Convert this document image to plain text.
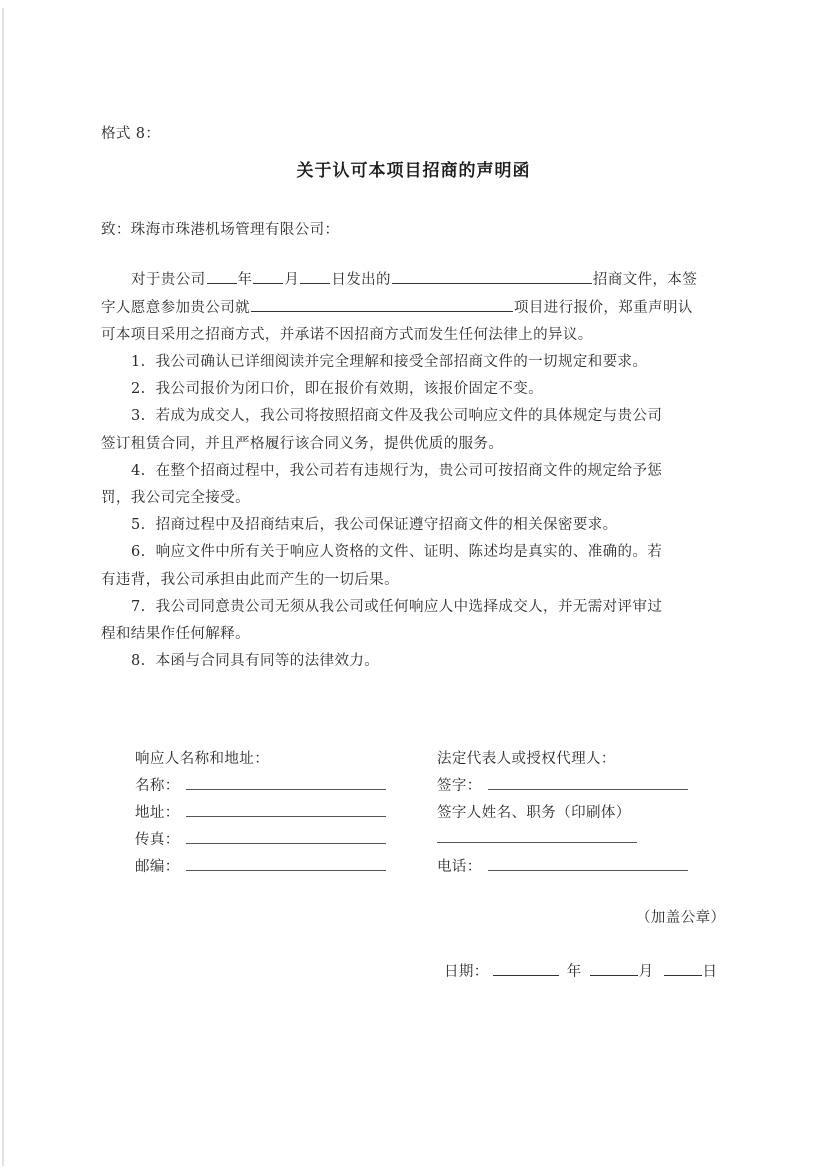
格式 8：
关于认可本项目招商的声明函
致：珠海市珠港机场管理有限公司：
对于贵公司 年 月 日发出的	招商文件，本签
字人愿意参加贵公司就	项目进行报价，郑重声明认
可本项目采用之招商方式，并承诺不因招商方式而发生任何法律上的异议。
1. 我公司确认已详细阅读并完全理解和接受全部招商文件的一切规定和要求。
2. 我公司报价为闭口价，即在报价有效期，该报价固定不变。
3. 若成为成交人，我公司将按照招商文件及我公司响应文件的具体规定与贵公司
签订租赁合同，并且严格履行该合同义务，提供优质的服务。
4. 在整个招商过程中，我公司若有违规行为，贵公司可按招商文件的规定给予惩
罚，我公司完全接受。
5. 招商过程中及招商结束后，我公司保证遵守招商文件的相关保密要求。
6. 响应文件中所有关于响应人资格的文件、证明、陈述均是真实的、准确的。若
有违背，我公司承担由此而产生的一切后果。
7. 我公司同意贵公司无须从我公司或任何响应人中选择成交人，并无需对评审过
程和结果作任何解释。
8. 本函与合同具有同等的法律效力。
响应人名称和地址：
名称：
地址：
传真：
邮编：
法定代表人或授权代理人：
签字：
签字人姓名、职务（印刷体）
电话：
（加盖公章）
日期：	年	月	日
